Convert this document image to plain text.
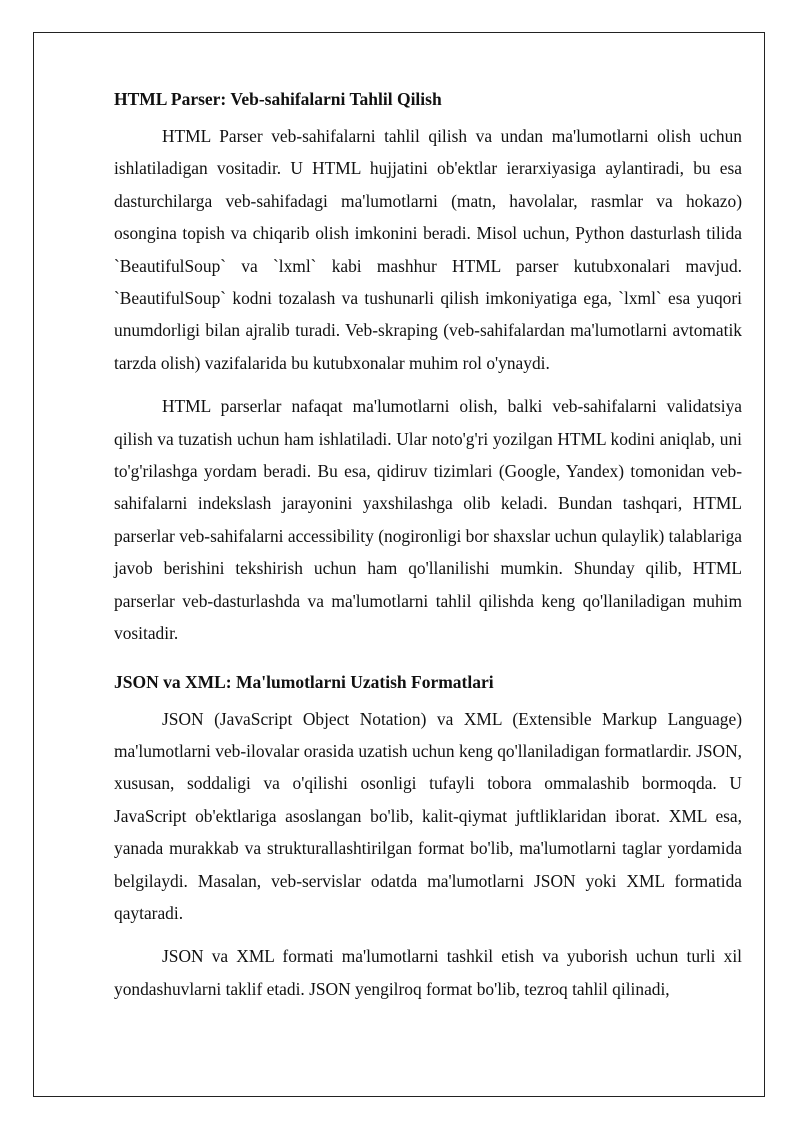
HTML Parser: Veb-sahifalarni Tahlil Qilish

HTML Parser veb-sahifalarni tahlil qilish va undan ma'lumotlarni olish uchun ishlatiladigan vositadir. U HTML hujjatini ob'ektlar ierarxiyasiga aylantiradi, bu esa dasturchilarga veb-sahifadagi ma'lumotlarni (matn, havolalar, rasmlar va hokazo) osongina topish va chiqarib olish imkonini beradi. Misol uchun, Python dasturlash tilida `BeautifulSoup` va `lxml` kabi mashhur HTML parser kutubxonalari mavjud. `BeautifulSoup` kodni tozalash va tushunarli qilish imkoniyatiga ega, `lxml` esa yuqori unumdorligi bilan ajralib turadi. Veb-skraping (veb-sahifalardan ma'lumotlarni avtomatik tarzda olish) vazifalarida bu kutubxonalar muhim rol o'ynaydi.

HTML parserlar nafaqat ma'lumotlarni olish, balki veb-sahifalarni validatsiya qilish va tuzatish uchun ham ishlatiladi. Ular noto'g'ri yozilgan HTML kodini aniqlab, uni to'g'rilashga yordam beradi. Bu esa, qidiruv tizimlari (Google, Yandex) tomonidan veb-sahifalarni indekslash jarayonini yaxshilashga olib keladi. Bundan tashqari, HTML parserlar veb-sahifalarni accessibility (nogironligi bor shaxslar uchun qulaylik) talablariga javob berishini tekshirish uchun ham qo'llanilishi mumkin. Shunday qilib, HTML parserlar veb-dasturlashda va ma'lumotlarni tahlil qilishda keng qo'llaniladigan muhim vositadir.

JSON va XML: Ma'lumotlarni Uzatish Formatlari

JSON (JavaScript Object Notation) va XML (Extensible Markup Language) ma'lumotlarni veb-ilovalar orasida uzatish uchun keng qo'llaniladigan formatlardir. JSON, xususan, soddaligi va o'qilishi osonligi tufayli tobora ommalashib bormoqda. U JavaScript ob'ektlariga asoslangan bo'lib, kalit-qiymat juftliklaridan iborat. XML esa, yanada murakkab va strukturallashtirilgan format bo'lib, ma'lumotlarni taglar yordamida belgilaydi. Masalan, veb-servislar odatda ma'lumotlarni JSON yoki XML formatida qaytaradi.

JSON va XML formati ma'lumotlarni tashkil etish va yuborish uchun turli xil yondashuvlarni taklif etadi. JSON yengilroq format bo'lib, tezroq tahlil qilinadi,
